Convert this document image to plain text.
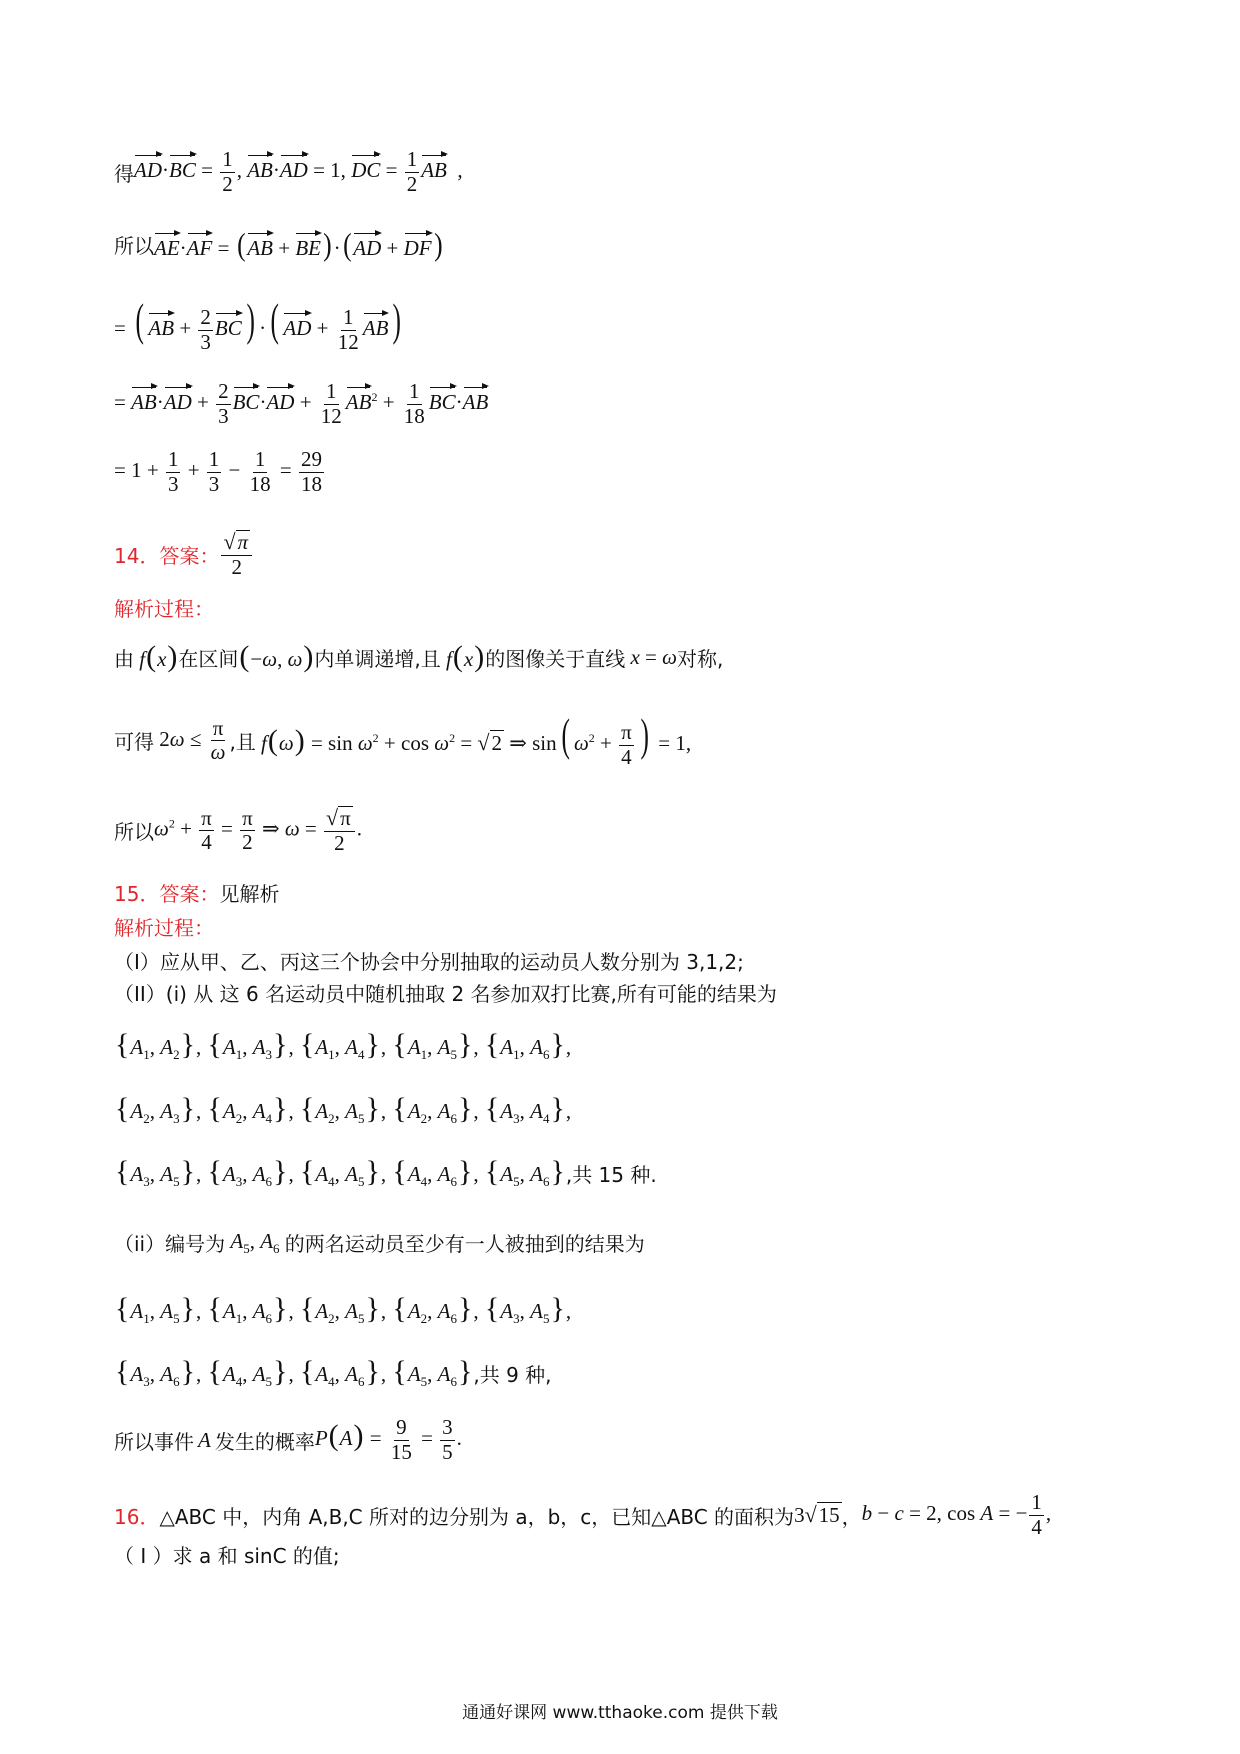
得 $AD\cdot BC = \frac{1}{2}$ , AB·AD = 1, DC = $\frac{1}{2}$ AB  ,
所以 AE·AF = (AB + BE)·(AD + DF)
= ( AB + $\frac{2}{3} BC$) ·( AD + $\frac{1}{12} AB$)
= $AB\cdot AD + \frac{2}{3} BC\cdot AD + \frac{1}{12} AB^2 + \frac{1}{18} BC\cdot AB$
= $1 + \frac{1}{3} + \frac{1}{3} - \frac{1}{18} = \frac{29}{18}$
14．答案： $\frac{√ \pi}{2}$
解析过程：
由 f(x) 在区间 (−ω, ω) 内单调递增,且 f(x) 的图像关于直线 x = ω 对称,
可得 $2\omega \le \frac{\pi}{\omega}$ ,且 $f(\omega) = \sin \omega^2 + \cos \omega^2$ = √ 2 ⇒ sin( $\omega^2 + \frac{\pi}{4}$ ) = 1,
所以 $\omega^2 + \frac{\pi}{4} = \frac{\pi}{2}$ ⇒ $\omega = \frac{√ \pi}{2}$ .
15．答案： 见解析
解析过程：
（I）应从甲、乙、丙这三个协会中分别抽取的运动员人数分别为 3,1,2;
（II）(i) 从 这 6 名运动员中随机抽取 2 名参加双打比赛,所有可能的结果为
{$A_1$, $A_2$}, {$A_1$, $A_3$}, {$A_1$, $A_4$}, {$A_1$, $A_5$}, {$A_1$, $A_6$},
{$A_2$, $A_3$}, {$A_2$, $A_4$}, {$A_2$, $A_5$}, {$A_2$, $A_6$}, {$A_3$, $A_4$},
{$A_3$, $A_5$}, {$A_3$, $A_6$}, {$A_4$, $A_5$}, {$A_4$, $A_6$}, {$A_5$, $A_6$} ,共 15 种.
（ii）编号为 $A_5$, $A_6$ 的两名运动员至少有一人被抽到的结果为
{$A_1$, $A_5$}, {$A_1$, $A_6$}, {$A_2$, $A_5$}, {$A_2$, $A_6$}, {$A_3$, $A_5$},
{$A_3$, $A_6$}, {$A_4$, $A_5$}, {$A_4$, $A_6$}, {$A_5$, $A_6$} ,共 9 种,
所以事件 A 发生的概率 $P(A) = \frac{9}{15} = \frac{3}{5}$ .
16． △ABC 中，内角 A,B,C 所对的边分别为 a，b，c，已知△ABC 的面积为 3 √ 15 ， b − c = 2, cos A = − $\frac{1}{4}$ ,
（ I ）求 a 和 sinC 的值;
通通好课网 www.tthaoke.com 提供下载
